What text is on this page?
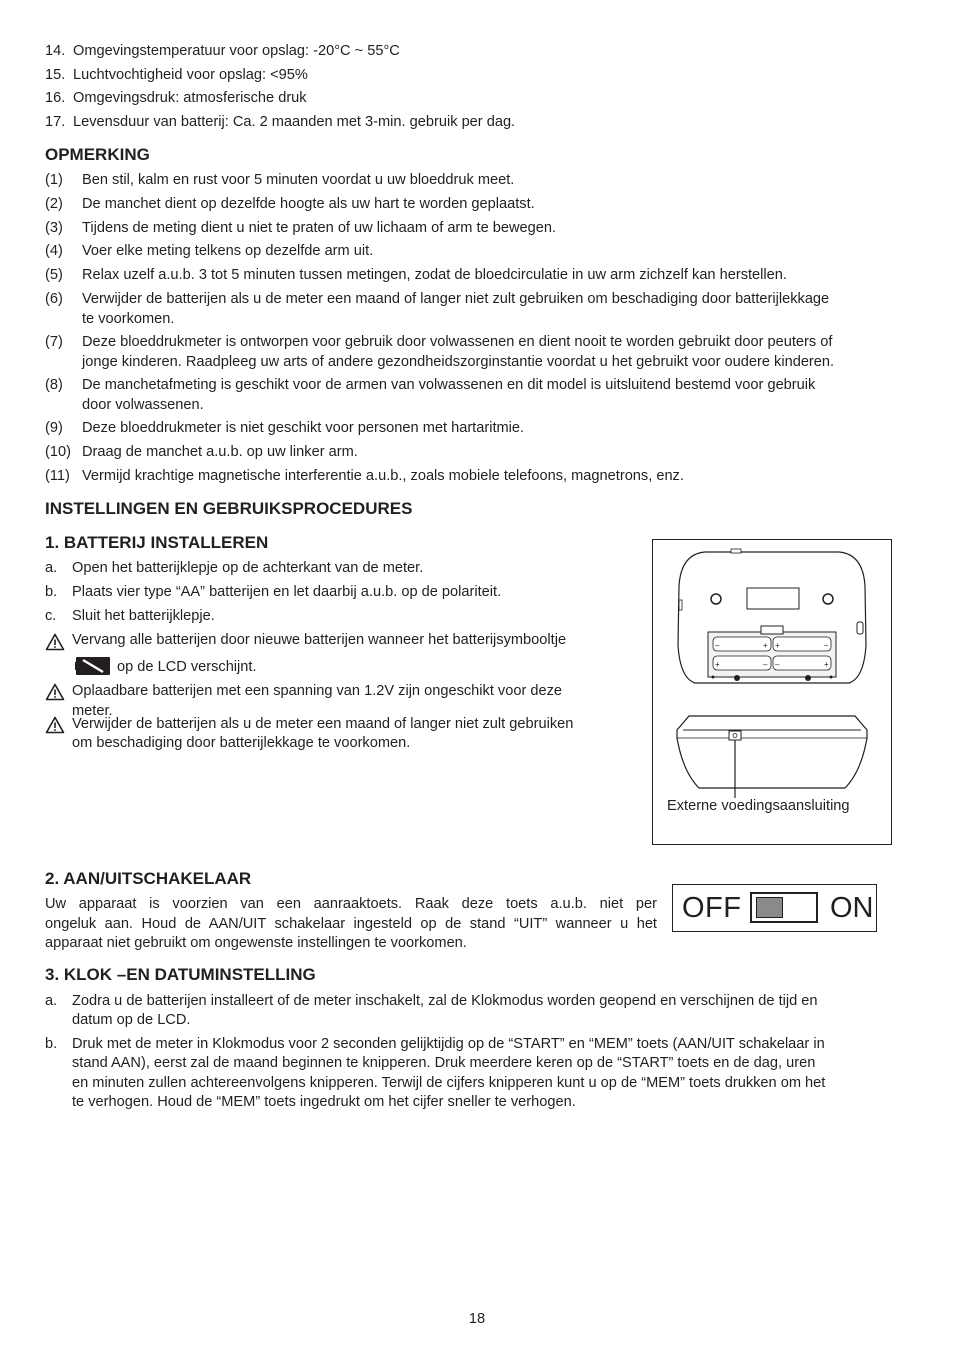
14. Omgevingstemperatuur voor opslag: -20°C ~ 55°C
15. Luchtvochtigheid voor opslag: <95%
16. Omgevingsdruk: atmosferische druk
17. Levensduur van batterij: Ca. 2 maanden met 3-min. gebruik per dag.
OPMERKING
(1) Ben stil, kalm en rust voor 5 minuten voordat u uw bloeddruk meet.
(2) De manchet dient op dezelfde hoogte als uw hart te worden geplaatst.
(3) Tijdens de meting dient u niet te praten of uw lichaam of arm te bewegen.
(4) Voer elke meting telkens op dezelfde arm uit.
(5) Relax uzelf a.u.b. 3 tot 5 minuten tussen metingen, zodat de bloedcirculatie in uw arm zichzelf kan herstellen.
(6) Verwijder de batterijen als u de meter een maand of langer niet zult gebruiken om beschadiging door batterijlekkage
te voorkomen.
(7) Deze bloeddrukmeter is ontworpen voor gebruik door volwassenen en dient nooit te worden gebruikt door peuters of
jonge kinderen. Raadpleeg uw arts of andere gezondheidszorginstantie voordat u het gebruikt voor oudere kinderen.
(8) De manchetafmeting is geschikt voor de armen van volwassenen en dit model is uitsluitend bestemd voor gebruik
door volwassenen.
(9) Deze bloeddrukmeter is niet geschikt voor personen met hartaritmie.
(10) Draag de manchet a.u.b. op uw linker arm.
(11) Vermijd krachtige magnetische interferentie a.u.b., zoals mobiele telefoons, magnetrons, enz.
INSTELLINGEN EN GEBRUIKSPROCEDURES
1. BATTERIJ INSTALLEREN
a. Open het batterijklepje op de achterkant van de meter.
b. Plaats vier type “AA” batterijen en let daarbij a.u.b. op de polariteit.
c. Sluit het batterijklepje.
Vervang alle batterijen door nieuwe batterijen wanneer het batterijsymbooltje
op de LCD verschijnt.
Oplaadbare batterijen met een spanning van 1.2V zijn ongeschikt voor deze
meter.
Verwijder de batterijen als u de meter een maand of langer niet zult gebruiken
om beschadiging door batterijlekkage te voorkomen.
–	+ +	–
+	– –	+
Externe voedingsaansluiting
2. AAN/UITSCHAKELAAR
Uw apparaat is voorzien van een aanraaktoets. Raak deze toets a.u.b. niet per
ongeluk aan. Houd de AAN/UIT schakelaar ingesteld op de stand “UIT” wanneer u het
apparaat niet gebruikt om ongewenste instellingen te voorkomen.
OFF	ON
3. KLOK –EN DATUMINSTELLING
a. Zodra u de batterijen installeert of de meter inschakelt, zal de Klokmodus worden geopend en verschijnen de tijd en
datum op de LCD.
b. Druk met de meter in Klokmodus voor 2 seconden gelijktijdig op de “START” en “MEM” toets (AAN/UIT schakelaar in
stand AAN), eerst zal de maand beginnen te knipperen. Druk meerdere keren op de “START” toets en de dag, uren
en minuten zullen achtereenvolgens knipperen. Terwijl de cijfers knipperen kunt u op de “MEM” toets drukken om het
te verhogen. Houd de “MEM” toets ingedrukt om het cijfer sneller te verhogen.
18
